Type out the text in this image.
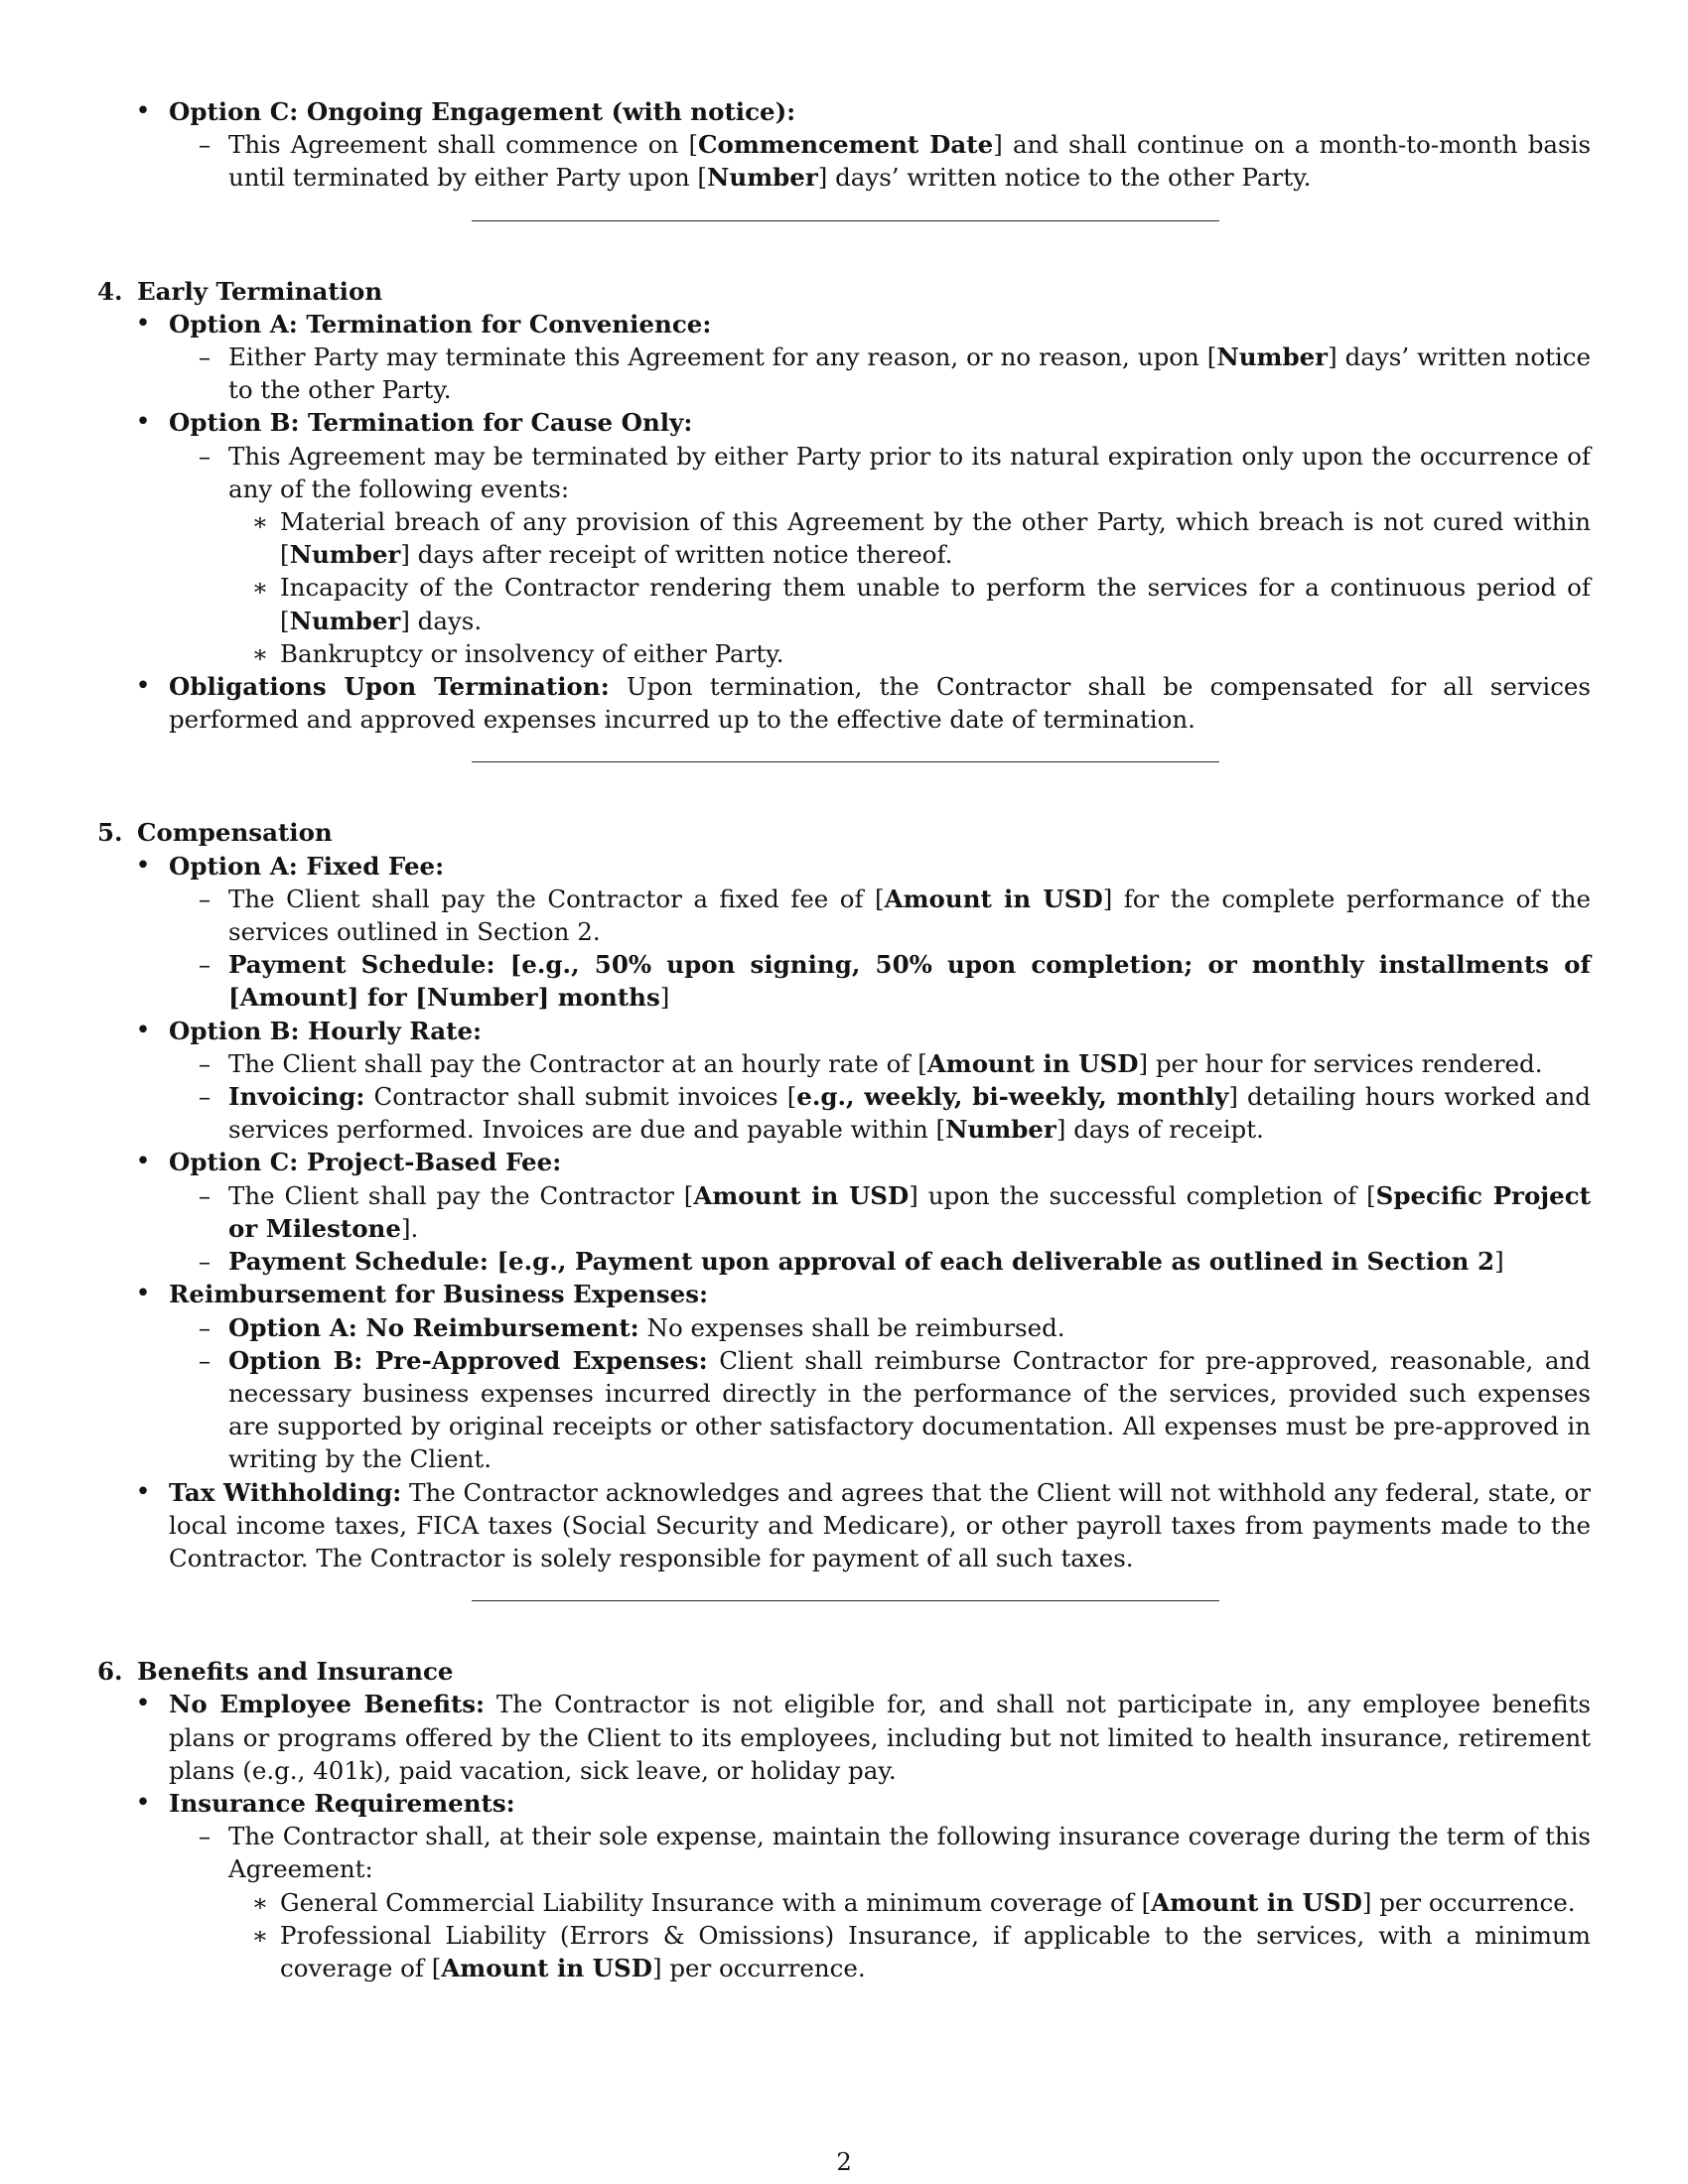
• Option C: Ongoing Engagement (with notice):
– This Agreement shall commence on [Commencement Date] and shall continue on a month-to-month basis until terminated by either Party upon [Number] days’ written notice to the other Party.

4. Early Termination

• Option A: Termination for Convenience:
– Either Party may terminate this Agreement for any reason, or no reason, upon [Number] days’ written notice to the other Party.
• Option B: Termination for Cause Only:
– This Agreement may be terminated by either Party prior to its natural expiration only upon the occurrence of any of the following events:
∗ Material breach of any provision of this Agreement by the other Party, which breach is not cured within [Number] days after receipt of written notice thereof.
∗ Incapacity of the Contractor rendering them unable to perform the services for a continuous period of [Number] days.
∗ Bankruptcy or insolvency of either Party.
• Obligations Upon Termination: Upon termination, the Contractor shall be compensated for all services performed and approved expenses incurred up to the effective date of termination.

5. Compensation

• Option A: Fixed Fee:
– The Client shall pay the Contractor a fixed fee of [Amount in USD] for the complete performance of the services outlined in Section 2.
– Payment Schedule: [e.g., 50% upon signing, 50% upon completion; or monthly installments of [Amount] for [Number] months]
• Option B: Hourly Rate:
– The Client shall pay the Contractor at an hourly rate of [Amount in USD] per hour for services rendered.
– Invoicing: Contractor shall submit invoices [e.g., weekly, bi-weekly, monthly] detailing hours worked and services performed. Invoices are due and payable within [Number] days of receipt.
• Option C: Project-Based Fee:
– The Client shall pay the Contractor [Amount in USD] upon the successful completion of [Specific Project or Milestone].
– Payment Schedule: [e.g., Payment upon approval of each deliverable as outlined in Section 2]
• Reimbursement for Business Expenses:
– Option A: No Reimbursement: No expenses shall be reimbursed.
– Option B: Pre-Approved Expenses: Client shall reimburse Contractor for pre-approved, reasonable, and necessary business expenses incurred directly in the performance of the services, provided such expenses are supported by original receipts or other satisfactory documentation. All expenses must be pre-approved in writing by the Client.
• Tax Withholding: The Contractor acknowledges and agrees that the Client will not withhold any federal, state, or local income taxes, FICA taxes (Social Security and Medicare), or other payroll taxes from payments made to the Contractor. The Contractor is solely responsible for payment of all such taxes.

6. Benefits and Insurance

• No Employee Benefits: The Contractor is not eligible for, and shall not participate in, any employee benefits plans or programs offered by the Client to its employees, including but not limited to health insurance, retirement plans (e.g., 401k), paid vacation, sick leave, or holiday pay.
• Insurance Requirements:
– The Contractor shall, at their sole expense, maintain the following insurance coverage during the term of this Agreement:
∗ General Commercial Liability Insurance with a minimum coverage of [Amount in USD] per occurrence.
∗ Professional Liability (Errors & Omissions) Insurance, if applicable to the services, with a minimum coverage of [Amount in USD] per occurrence.
2
